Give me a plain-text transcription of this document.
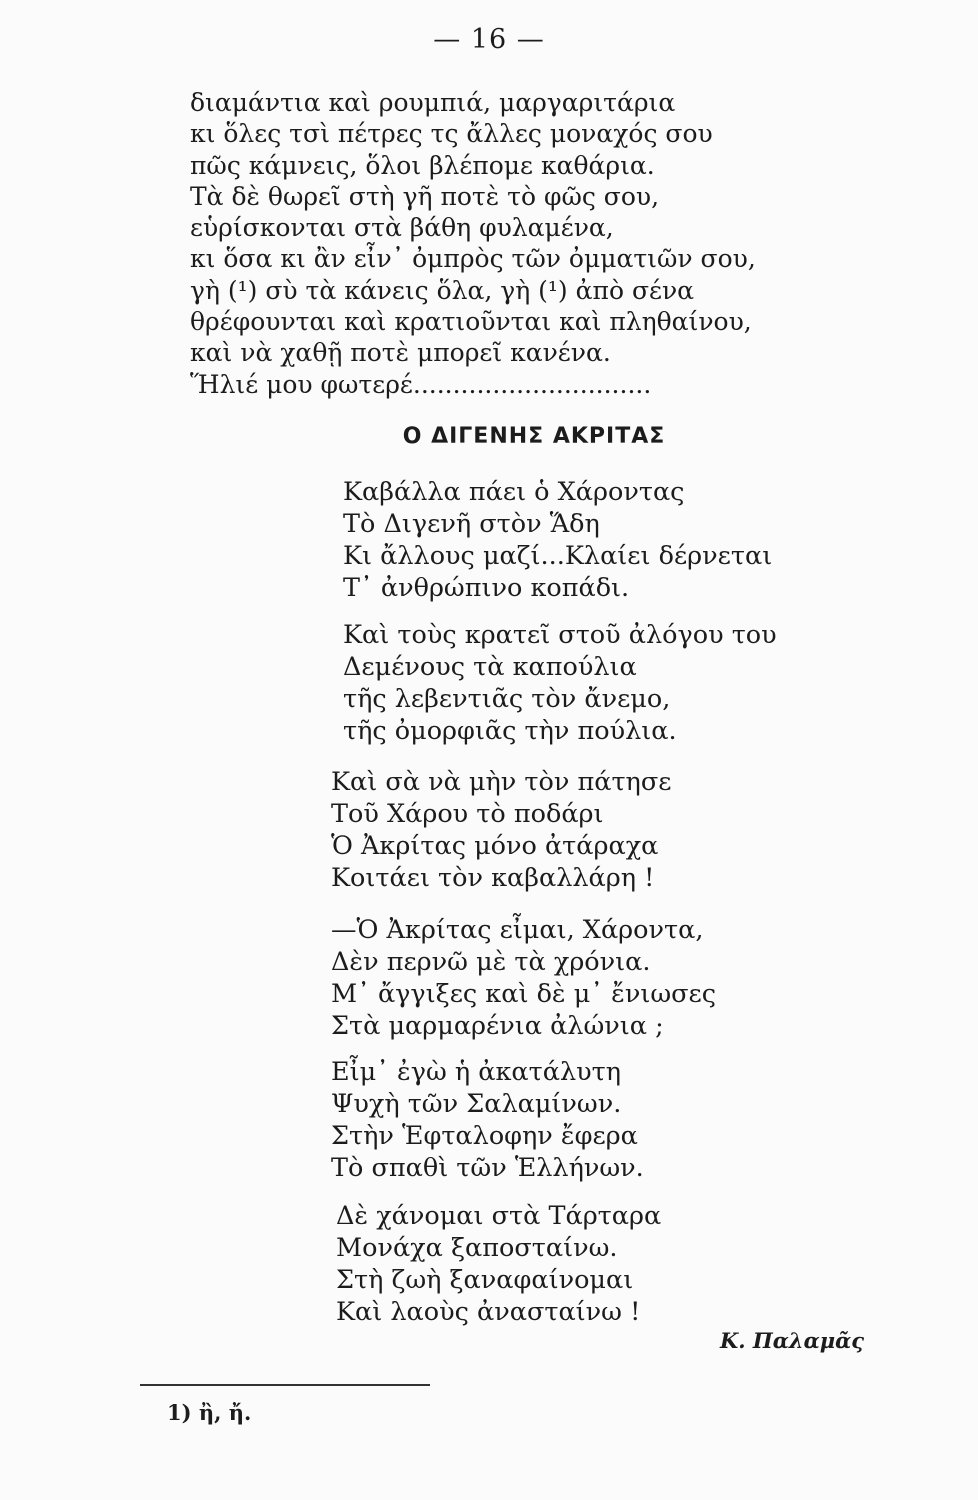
— 16 —
διαμάντια καὶ ρουμπιά, μαργαριτάρια
κι ὅλες τσὶ πέτρες τς ἄλλες μοναχός σου
πῶς κάμνεις, ὅλοι βλέπομε καθάρια.
Τὰ δὲ θωρεῖ στὴ γῆ ποτὲ τὸ φῶς σου,
εὑρίσκονται στὰ βάθη φυλαμένα,
κι ὅσα κι ἂν εἶν᾿ ὀμπρὸς τῶν ὀμματιῶν σου,
γὴ (¹) σὺ τὰ κάνεις ὅλα, γὴ (¹) ἀπὸ σένα
θρέφουνται καὶ κρατιοῦνται καὶ πληθαίνου,
καὶ νὰ χαθῇ ποτὲ μπορεῖ κανένα.
Ἥλιέ μου φωτερέ..............................
Ο ΔΙΓΕΝΗΣ ΑΚΡΙΤΑΣ
Καβάλλα πάει ὁ Χάροντας
Τὸ Διγενῆ στὸν Ἅδη
Κι ἄλλους μαζί...Κλαίει δέρνεται
Τ᾿ ἀνθρώπινο κοπάδι.
Καὶ τοὺς κρατεῖ στοῦ ἀλόγου του
Δεμένους τὰ καπούλια
τῆς λεβεντιᾶς τὸν ἄνεμο,
τῆς ὀμορφιᾶς τὴν πούλια.
Καὶ σὰ νὰ μὴν τὸν πάτησε
Τοῦ Χάρου τὸ ποδάρι
Ὁ Ἀκρίτας μόνο ἀτάραχα
Κοιτάει τὸν καβαλλάρη !
—Ὁ Ἀκρίτας εἶμαι, Χάροντα,
Δὲν περνῶ μὲ τὰ χρόνια.
Μ᾿ ἄγγιξες καὶ δὲ μ᾿ ἔνιωσες
Στὰ μαρμαρένια ἀλώνια ;
Εἶμ᾿ ἐγὼ ἡ ἀκατάλυτη
Ψυχὴ τῶν Σαλαμίνων.
Στὴν Ἑφταλοφην ἔφερα
Τὸ σπαθὶ τῶν Ἑλλήνων.
Δὲ χάνομαι στὰ Τάρταρα
Μονάχα ξαποσταίνω.
Στὴ ζωὴ ξαναφαίνομαι
Καὶ λαοὺς ἀνασταίνω !
Κ. Παλαμᾶς
1) ἢ, ἤ.
